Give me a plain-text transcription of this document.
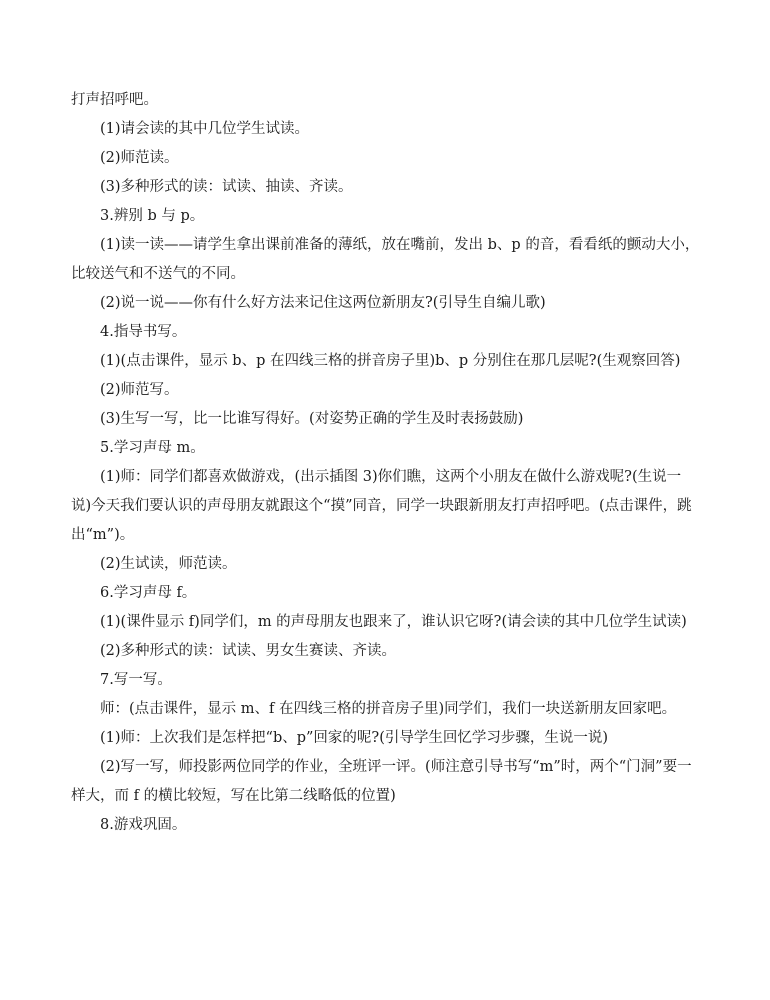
打声招呼吧。

(1)请会读的其中几位学生试读。

(2)师范读。

(3)多种形式的读：试读、抽读、齐读。

3.辨别 b 与 p。

(1)读一读——请学生拿出课前准备的薄纸，放在嘴前，发出 b、p 的音，看看纸的颤动大小，比较送气和不送气的不同。

(2)说一说——你有什么好方法来记住这两位新朋友?(引导生自编儿歌)

4.指导书写。

(1)(点击课件，显示 b、p 在四线三格的拼音房子里)b、p 分别住在那几层呢?(生观察回答)

(2)师范写。

(3)生写一写，比一比谁写得好。(对姿势正确的学生及时表扬鼓励)

5.学习声母 m。

(1)师：同学们都喜欢做游戏，(出示插图 3)你们瞧，这两个小朋友在做什么游戏呢?(生说一说)今天我们要认识的声母朋友就跟这个“摸”同音，同学一块跟新朋友打声招呼吧。(点击课件，跳出“m”)。

(2)生试读，师范读。

6.学习声母 f。

(1)(课件显示 f)同学们，m 的声母朋友也跟来了，谁认识它呀?(请会读的其中几位学生试读)

(2)多种形式的读：试读、男女生赛读、齐读。

7.写一写。

师：(点击课件，显示 m、f 在四线三格的拼音房子里)同学们，我们一块送新朋友回家吧。

(1)师：上次我们是怎样把“b、p”回家的呢?(引导学生回忆学习步骤，生说一说)

(2)写一写，师投影两位同学的作业，全班评一评。(师注意引导书写“m”时，两个“门洞”要一样大，而 f 的横比较短，写在比第二线略低的位置)

8.游戏巩固。
